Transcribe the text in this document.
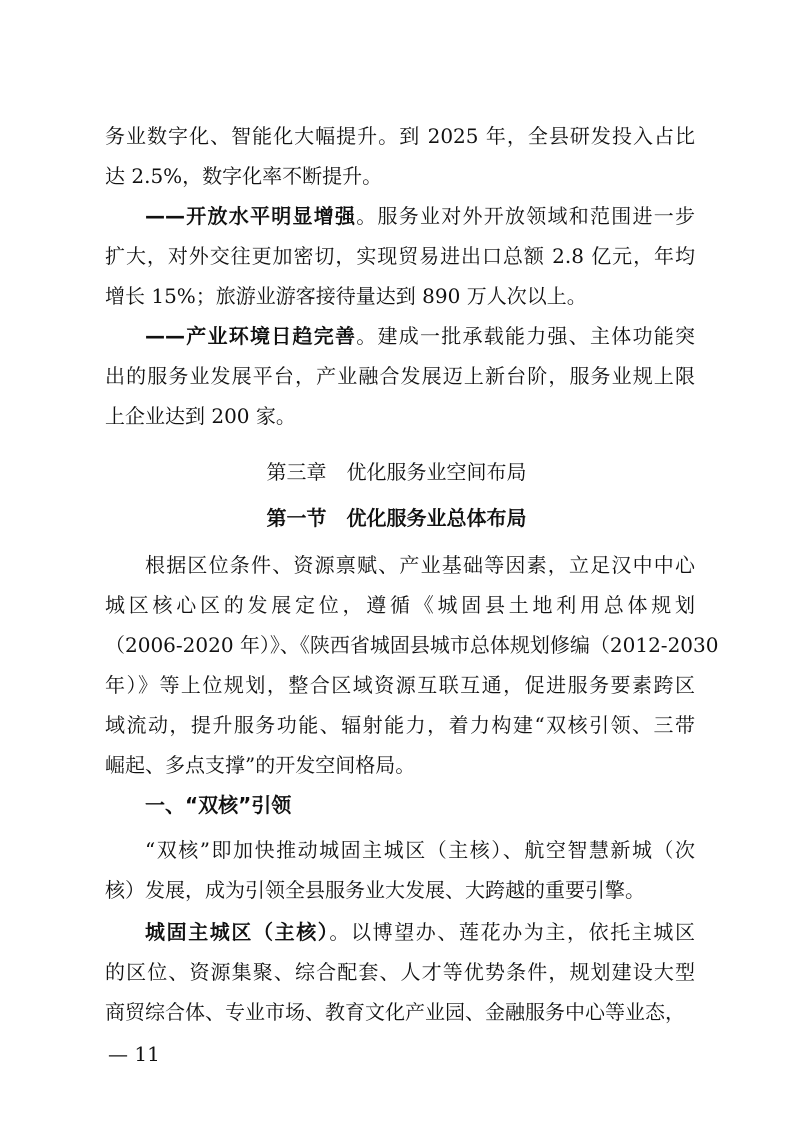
务业数字化、智能化大幅提升。到 2025 年，全县研发投入占比
达 2.5%，数字化率不断提升。
——开放水平明显增强。服务业对外开放领域和范围进一步
扩大，对外交往更加密切，实现贸易进出口总额 2.8 亿元，年均
增长 15%；旅游业游客接待量达到 890 万人次以上。
——产业环境日趋完善。建成一批承载能力强、主体功能突
出的服务业发展平台，产业融合发展迈上新台阶，服务业规上限
上企业达到 200 家。
第三章　优化服务业空间布局
第一节　优化服务业总体布局
根据区位条件、资源禀赋、产业基础等因素，立足汉中中心
城区核心区的发展定位，遵循《城固县土地利用总体规划
（2006-2020 年）》、《陕西省城固县城市总体规划修编（2012-2030
年）》等上位规划，整合区域资源互联互通，促进服务要素跨区
域流动，提升服务功能、辐射能力，着力构建“双核引领、三带
崛起、多点支撑”的开发空间格局。
一、“双核”引领
“双核”即加快推动城固主城区（主核）、航空智慧新城（次
核）发展，成为引领全县服务业大发展、大跨越的重要引擎。
城固主城区（主核）。以博望办、莲花办为主，依托主城区
的区位、资源集聚、综合配套、人才等优势条件，规划建设大型
商贸综合体、专业市场、教育文化产业园、金融服务中心等业态，
— 11
